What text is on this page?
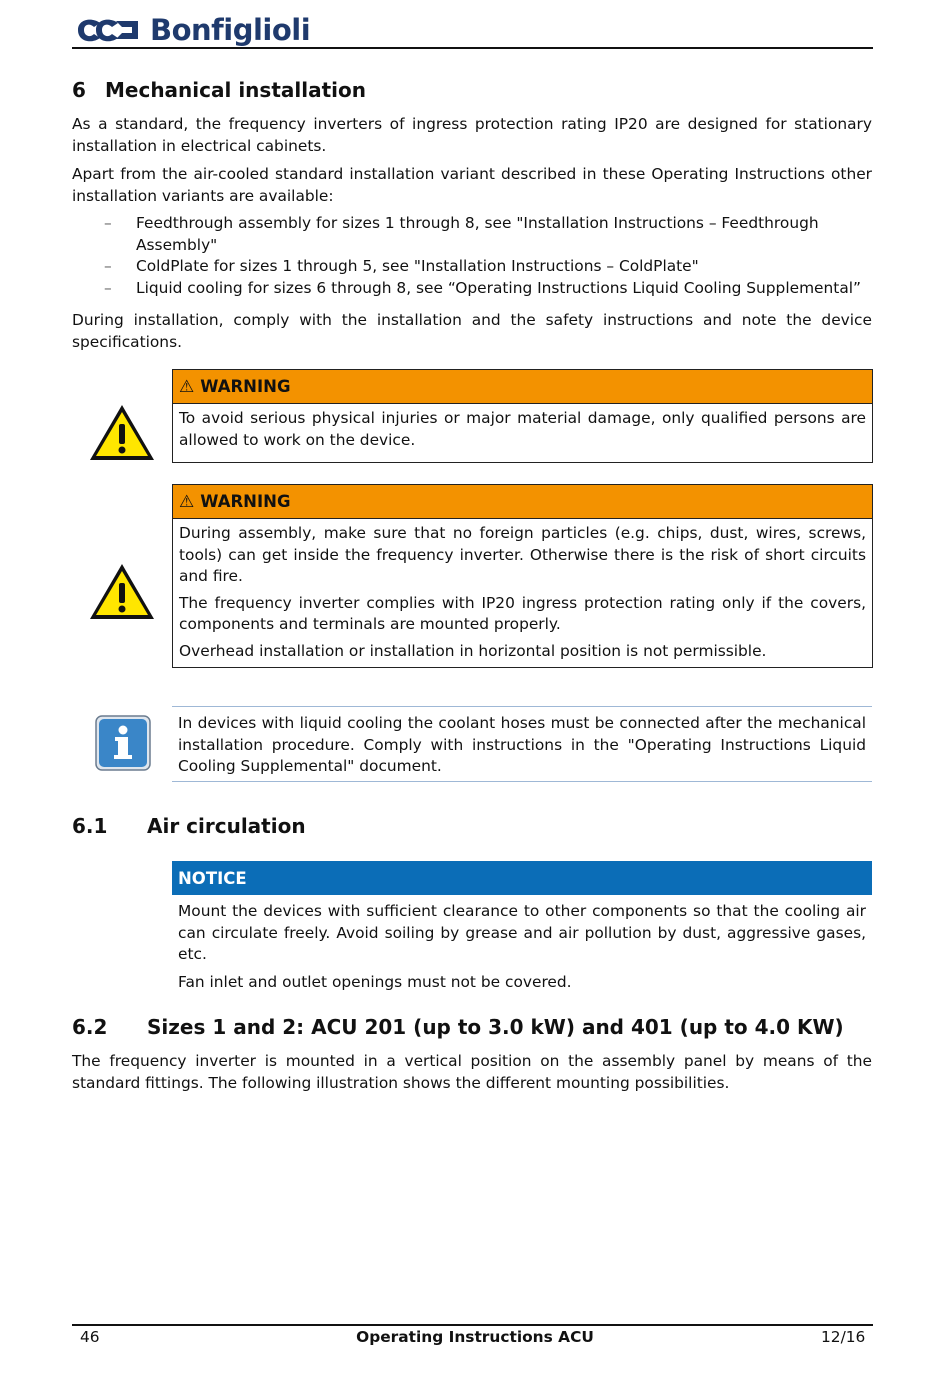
Bonfiglioli
6 Mechanical installation

As a standard, the frequency inverters of ingress protection rating IP20 are designed for stationary installation in electrical cabinets.

Apart from the air-cooled standard installation variant described in these Operating Instructions other installation variants are available:

– Feedthrough assembly for sizes 1 through 8, see "Installation Instructions – Feedthrough Assembly"
– ColdPlate for sizes 1 through 5, see "Installation Instructions – ColdPlate"
– Liquid cooling for sizes 6 through 8, see “Operating Instructions Liquid Cooling Supplemental”

During installation, comply with the installation and the safety instructions and note the device specifications.

⚠ WARNING

To avoid serious physical injuries or major material damage, only qualified persons are allowed to work on the device.

⚠ WARNING

During assembly, make sure that no foreign particles (e.g. chips, dust, wires, screws, tools) can get inside the frequency inverter. Otherwise there is the risk of short circuits and fire.

The frequency inverter complies with IP20 ingress protection rating only if the covers, components and terminals are mounted properly.

Overhead installation or installation in horizontal position is not permissible.

In devices with liquid cooling the coolant hoses must be connected after the mechanical installation procedure. Comply with instructions in the "Operating Instructions Liquid Cooling Supplemental" document.

6.1 Air circulation
NOTICE

Mount the devices with sufficient clearance to other components so that the cooling air can circulate freely. Avoid soiling by grease and air pollution by dust, aggressive gases, etc.

Fan inlet and outlet openings must not be covered.

6.2 Sizes 1 and 2: ACU 201 (up to 3.0 kW) and 401 (up to 4.0 KW)

The frequency inverter is mounted in a vertical position on the assembly panel by means of the standard fittings. The following illustration shows the different mounting possibilities.

46	Operating Instructions ACU	12/16
